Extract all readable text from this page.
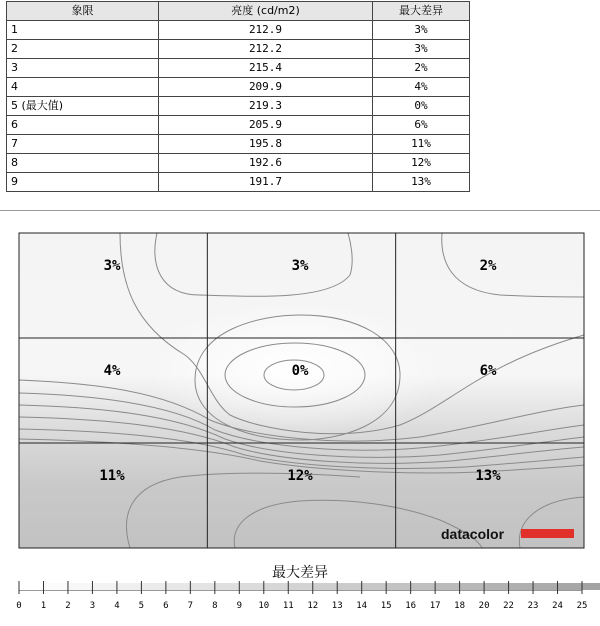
象限	亮度 (cd/m2)	最大差异
1	212.9	3%
2	212.2	3%
3	215.4	2%
4	209.9	4%
5 (最大值)	219.3	0%
6	205.9	6%
7	195.8	11%
8	192.6	12%
9	191.7	13%
3%	3%	2%
4%	0%	6%
11%	12%	13%
datacolor
最大差异
0 1 2 3 4 5 6 7 8 9 10 11 12 13 14 15 16 17 18 20 22 23 24 25
